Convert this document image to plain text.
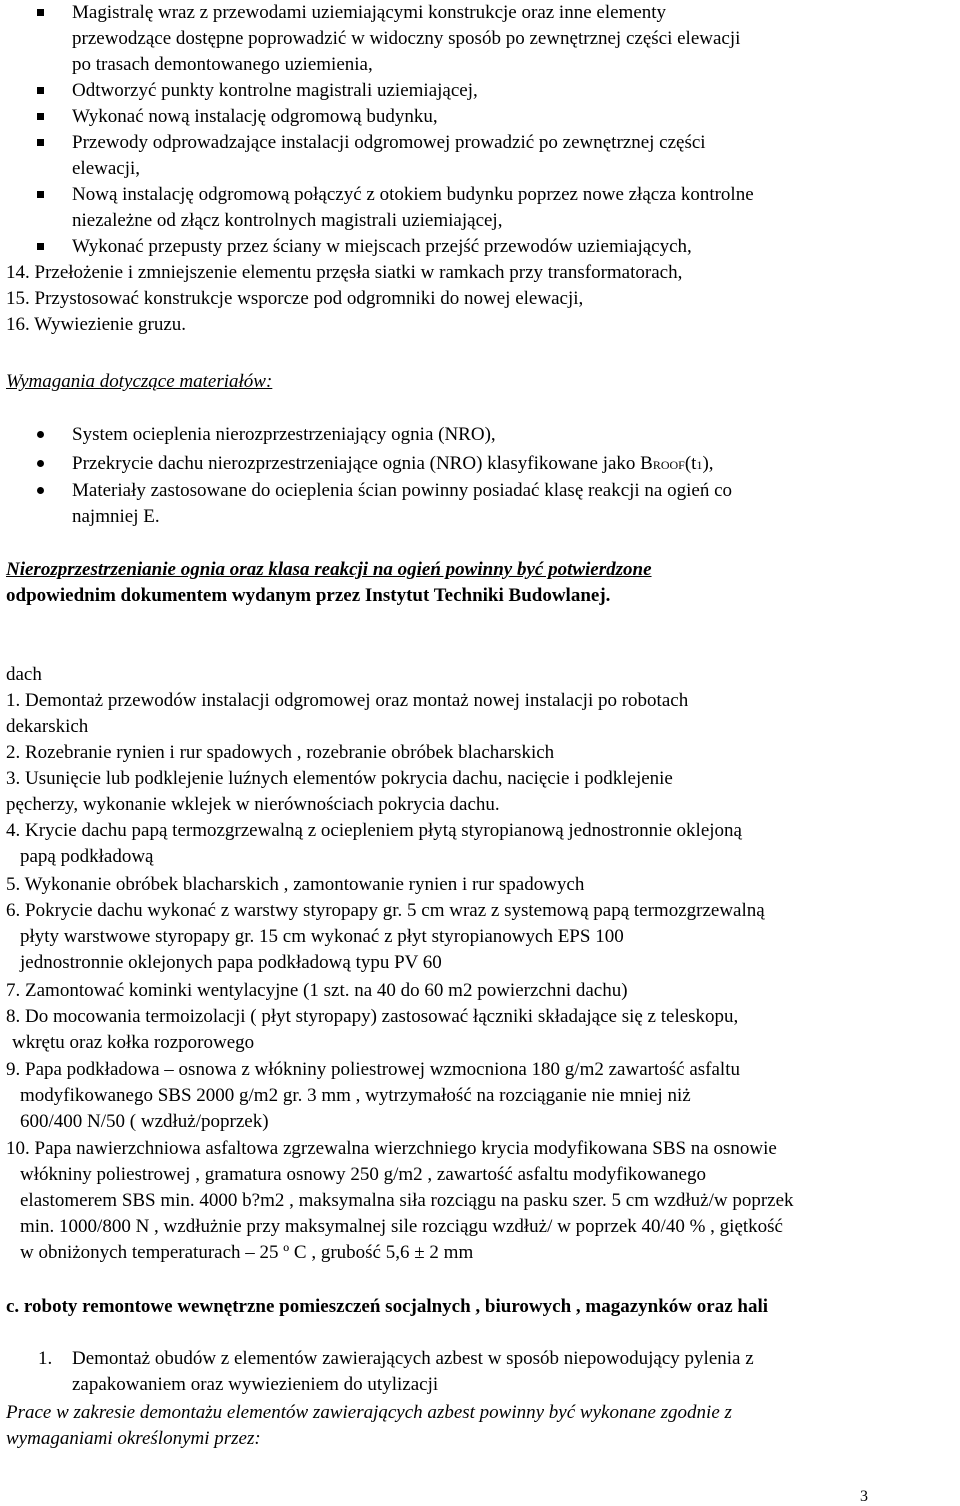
Magistralę wraz z przewodami uziemiającymi konstrukcje oraz inne elementy
przewodzące dostępne poprowadzić w widoczny sposób po zewnętrznej części elewacji
po trasach demontowanego uziemienia,
Odtworzyć punkty kontrolne magistrali uziemiającej,
Wykonać nową instalację odgromową budynku,
Przewody odprowadzające instalacji odgromowej prowadzić po zewnętrznej części
elewacji,
Nową instalację odgromową połączyć z otokiem budynku poprzez nowe złącza kontrolne
niezależne od złącz kontrolnych magistrali uziemiającej,
Wykonać przepusty przez ściany w miejscach przejść przewodów uziemiających,
14. Przełożenie i zmniejszenie elementu przęsła siatki w ramkach przy transformatorach,
15. Przystosować konstrukcje wsporcze pod odgromniki do nowej elewacji,
16. Wywiezienie gruzu.
Wymagania dotyczące materiałów:
System ocieplenia nierozprzestrzeniający ognia (NRO),
Przekrycie dachu nierozprzestrzeniające ognia (NRO) klasyfikowane jako BROOF(t1),
Materiały zastosowane do ocieplenia ścian powinny posiadać klasę reakcji na ogień co
najmniej E.
Nierozprzestrzenianie ognia oraz klasa reakcji na ogień powinny być potwierdzone
odpowiednim dokumentem wydanym przez Instytut Techniki Budowlanej.
dach
1. Demontaż przewodów instalacji odgromowej oraz montaż nowej instalacji po robotach
dekarskich
2. Rozebranie rynien i rur spadowych , rozebranie obróbek blacharskich
3. Usunięcie lub podklejenie luźnych elementów pokrycia dachu, nacięcie i podklejenie
pęcherzy, wykonanie wklejek w nierównościach pokrycia dachu.
4. Krycie dachu papą termozgrzewalną z ociepleniem płytą styropianową jednostronnie oklejoną
papą podkładową
5. Wykonanie obróbek blacharskich , zamontowanie rynien i rur spadowych
6. Pokrycie dachu wykonać z warstwy styropapy gr. 5 cm wraz z systemową papą termozgrzewalną
płyty warstwowe styropapy gr. 15 cm wykonać z płyt styropianowych EPS 100
jednostronnie oklejonych papa podkładową typu PV 60
7. Zamontować kominki wentylacyjne (1 szt. na 40 do 60 m2 powierzchni dachu)
8. Do mocowania termoizolacji ( płyt styropapy) zastosować łączniki składające się z teleskopu,
wkrętu oraz kołka rozporowego
9. Papa podkładowa – osnowa z włókniny poliestrowej wzmocniona 180 g/m2 zawartość asfaltu
modyfikowanego SBS 2000 g/m2 gr. 3 mm , wytrzymałość na rozciąganie nie mniej niż
600/400 N/50 ( wzdłuż/poprzek)
10. Papa nawierzchniowa asfaltowa zgrzewalna wierzchniego krycia modyfikowana SBS na osnowie
włókniny poliestrowej , gramatura osnowy 250 g/m2 , zawartość asfaltu modyfikowanego
elastomerem SBS min. 4000 b?m2 , maksymalna siła rozciągu na pasku szer. 5 cm wzdłuż/w poprzek
min. 1000/800 N , wzdłużnie przy maksymalnej sile rozciągu wzdłuż/ w poprzek 40/40 % , giętkość
w obniżonych temperaturach – 25 º C , grubość 5,6 ± 2 mm
c. roboty remontowe wewnętrzne pomieszczeń socjalnych , biurowych , magazynków oraz hali
1. Demontaż obudów z elementów zawierających azbest w sposób niepowodujący pylenia z
zapakowaniem oraz wywiezieniem do utylizacji
Prace w zakresie demontażu elementów zawierających azbest powinny być wykonane zgodnie z
wymaganiami określonymi przez:
3
